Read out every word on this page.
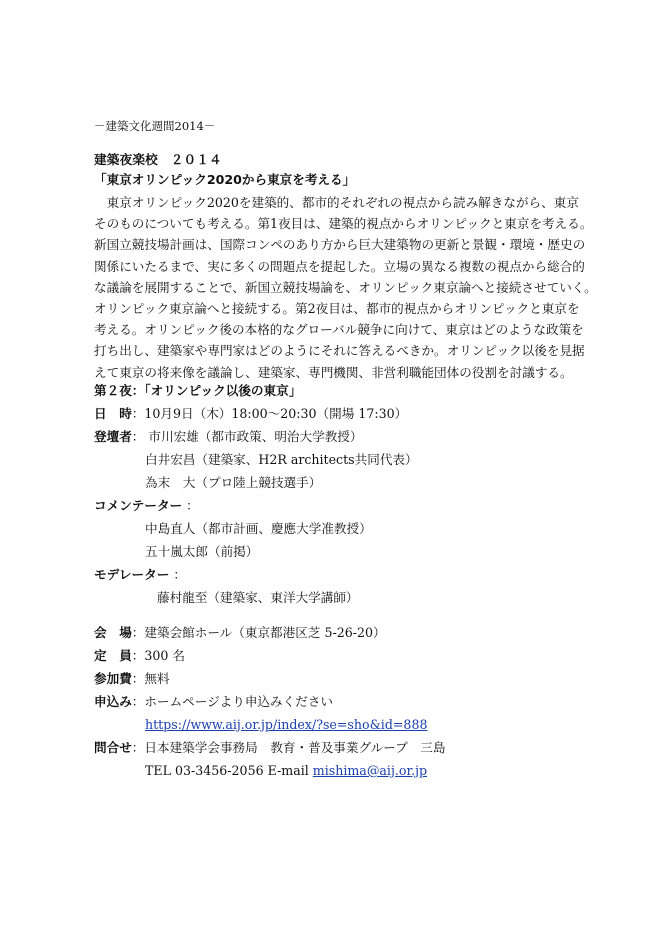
－建築文化週間2014－
建築夜楽校　２０１４
「東京オリンピック2020から東京を考える」
　東京オリンピック2020を建築的、都市的それぞれの視点から読み解きながら、東京
そのものについても考える。第1夜目は、建築的視点からオリンピックと東京を考える。
新国立競技場計画は、国際コンペのあり方から巨大建築物の更新と景観・環境・歴史の
関係にいたるまで、実に多くの問題点を提起した。立場の異なる複数の視点から総合的
な議論を展開することで、新国立競技場論を、オリンピック東京論へと接続させていく。
オリンピック東京論へと接続する。第2夜目は、都市的視点からオリンピックと東京を
考える。オリンピック後の本格的なグローバル競争に向けて、東京はどのような政策を
打ち出し、建築家や専門家はどのようにそれに答えるべきか。オリンピック以後を見据
えて東京の将来像を議論し、建築家、専門機関、非営利職能団体の役割を討議する。
第２夜：「オリンピック以後の東京」
日　時：10月9日（木）18:00～20:30（開場 17:30）
登壇者： 市川宏雄（都市政策、明治大学教授）
白井宏昌（建築家、H2R architects共同代表）
為末　大（プロ陸上競技選手）
コメンテーター ：
中島直人（都市計画、慶應大学准教授）
五十嵐太郎（前掲）
モデレーター ：
藤村龍至（建築家、東洋大学講師）
会　場：建築会館ホール（東京都港区芝 5-26-20）
定　員：300 名
参加費：無料
申込み：ホームページより申込みください
https://www.aij.or.jp/index/?se=sho&id=888
問合せ：日本建築学会事務局　教育・普及事業グループ　三島
TEL 03-3456-2056 E-mail mishima@aij.or.jp
